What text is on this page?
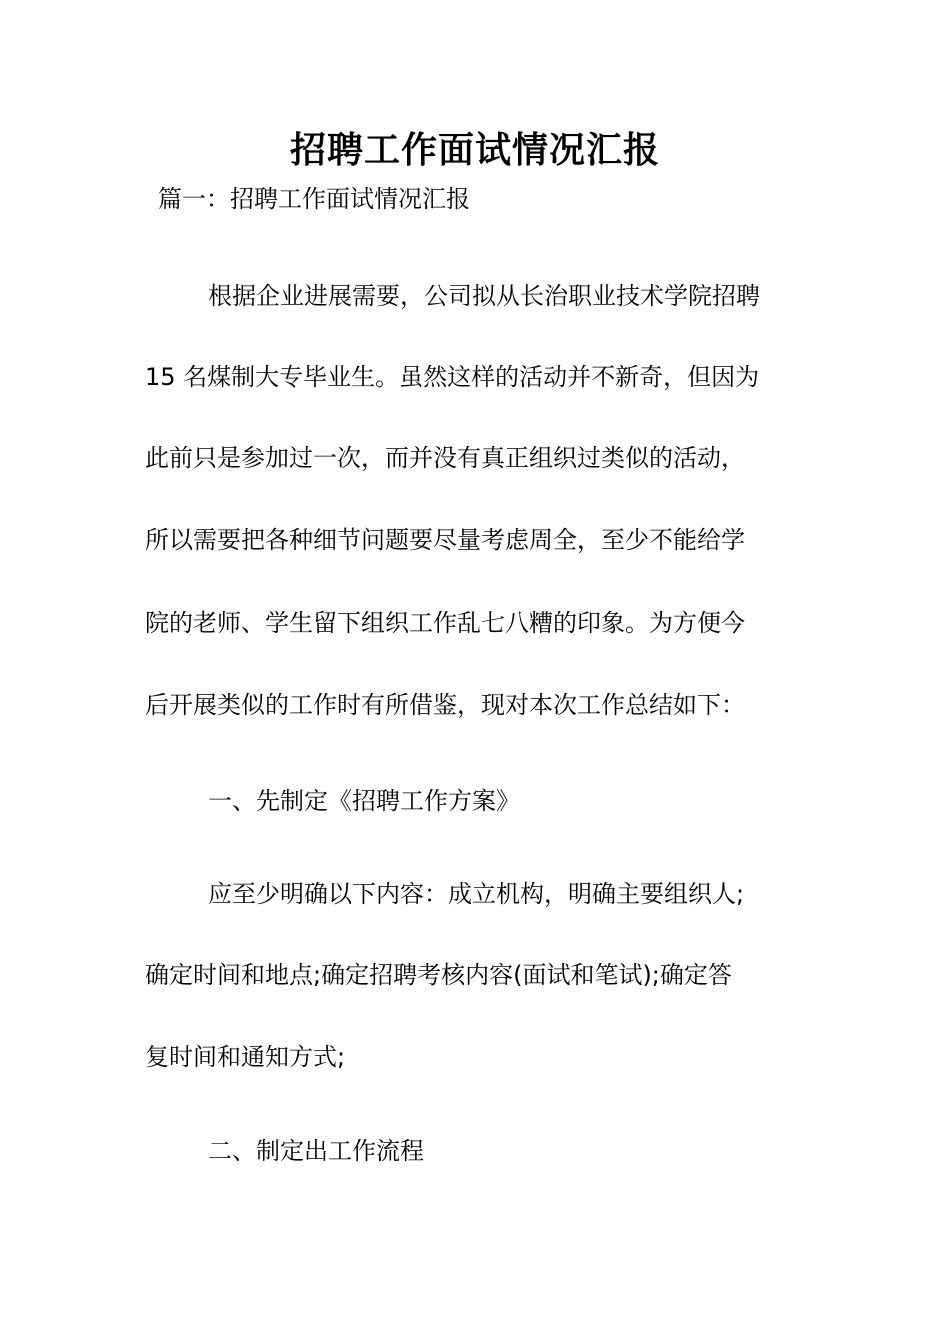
招聘工作面试情况汇报
篇一：招聘工作面试情况汇报
根据企业进展需要，公司拟从长治职业技术学院招聘
15 名煤制大专毕业生。虽然这样的活动并不新奇，但因为
此前只是参加过一次，而并没有真正组织过类似的活动，
所以需要把各种细节问题要尽量考虑周全，至少不能给学
院的老师、学生留下组织工作乱七八糟的印象。为方便今
后开展类似的工作时有所借鉴，现对本次工作总结如下：
一、先制定《招聘工作方案》
应至少明确以下内容：成立机构，明确主要组织人;
确定时间和地点;确定招聘考核内容(面试和笔试);确定答
复时间和通知方式;
二、制定出工作流程
